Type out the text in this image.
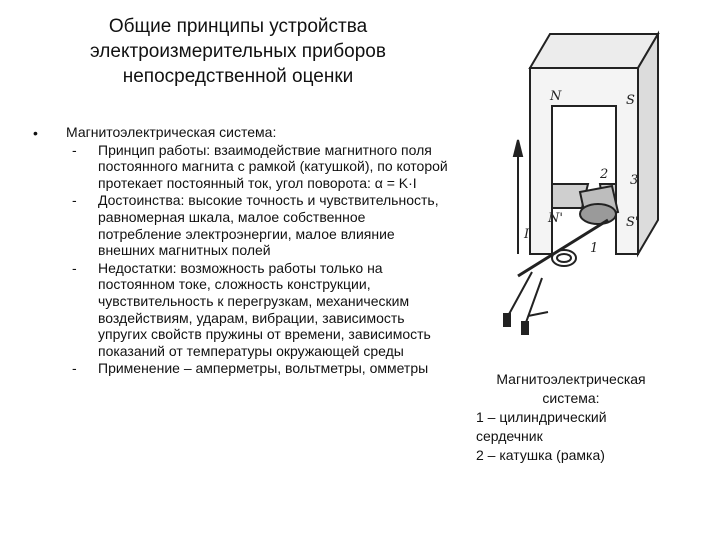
Общие принципы устройства электроизмерительных приборов непосредственной оценки
• Магнитоэлектрическая система:
- Принцип работы: взаимодействие магнитного поля постоянного магнита с рамкой (катушкой), по которой протекает постоянный ток, угол поворота: α = K·I
- Достоинства: высокие точность и чувствительность, равномерная шкала, малое собственное потребление электроэнергии, малое влияние внешних магнитных полей
- Недостатки: возможность работы только на постоянном токе, сложность конструкции, чувствительность к перегрузкам, механическим воздействиям, ударам, вибрации, зависимость упругих свойств пружины от времени, зависимость показаний от температуры окружающей среды
- Применение – амперметры, вольтметры, омметры
N	S
N'	S'
2 3
1
I
Магнитоэлектрическая
система:
1 – цилиндрический сердечник
2 – катушка (рамка)
